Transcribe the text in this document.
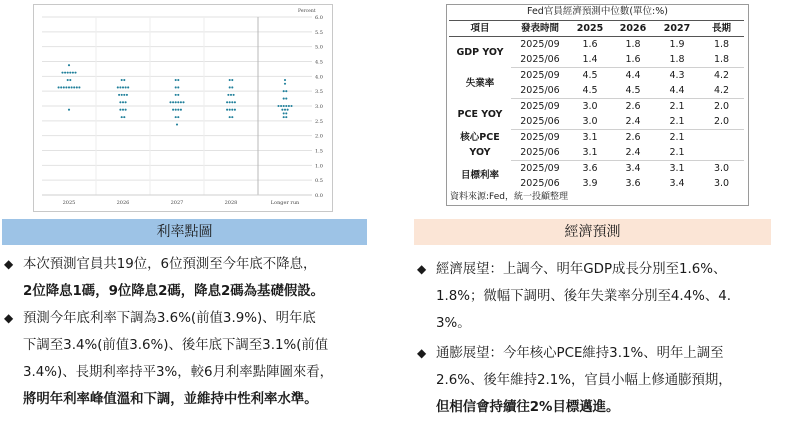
6.0
5.5
5.0
4.5
4.0
3.5
3.0
2.5
2.0
1.5
1.0
0.5
0.0
Percent
2025	2026	2027	2028	Longer run
Fed官員經濟預測中位數(單位:%)
項目	發表時間	2025	2026	2027	長期
GDP YOY	2025/09	1.6	1.8	1.9	1.8
	2025/06	1.4	1.6	1.8	1.8
失業率	2025/09	4.5	4.4	4.3	4.2
	2025/06	4.5	4.5	4.4	4.2
PCE YOY	2025/09	3.0	2.6	2.1	2.0
	2025/06	3.0	2.4	2.1	2.0
核心PCE YOY	2025/09	3.1	2.6	2.1	
	2025/06	3.1	2.4	2.1	
目標利率	2025/09	3.6	3.4	3.1	3.0
	2025/06	3.9	3.6	3.4	3.0
資料來源:Fed，統一投顧整理
利率點圖
◆ 本次預測官員共19位，6位預測至今年底不降息，
2位降息1碼，9位降息2碼，降息2碼為基礎假設。
◆ 預測今年底利率下調為3.6%(前值3.9%)、明年底
下調至3.4%(前值3.6%)、後年底下調至3.1%(前值
3.4%)、長期利率持平3%，較6月利率點陣圖來看，
將明年利率峰值溫和下調，並維持中性利率水準。
經濟預測
◆ 經濟展望：上調今、明年GDP成長分別至1.6%、
1.8%；微幅下調明、後年失業率分別至4.4%、4.
3%。
◆ 通膨展望：今年核心PCE維持3.1%、明年上調至
2.6%、後年維持2.1%，官員小幅上修通膨預期，
但相信會持續往2%目標邁進。
